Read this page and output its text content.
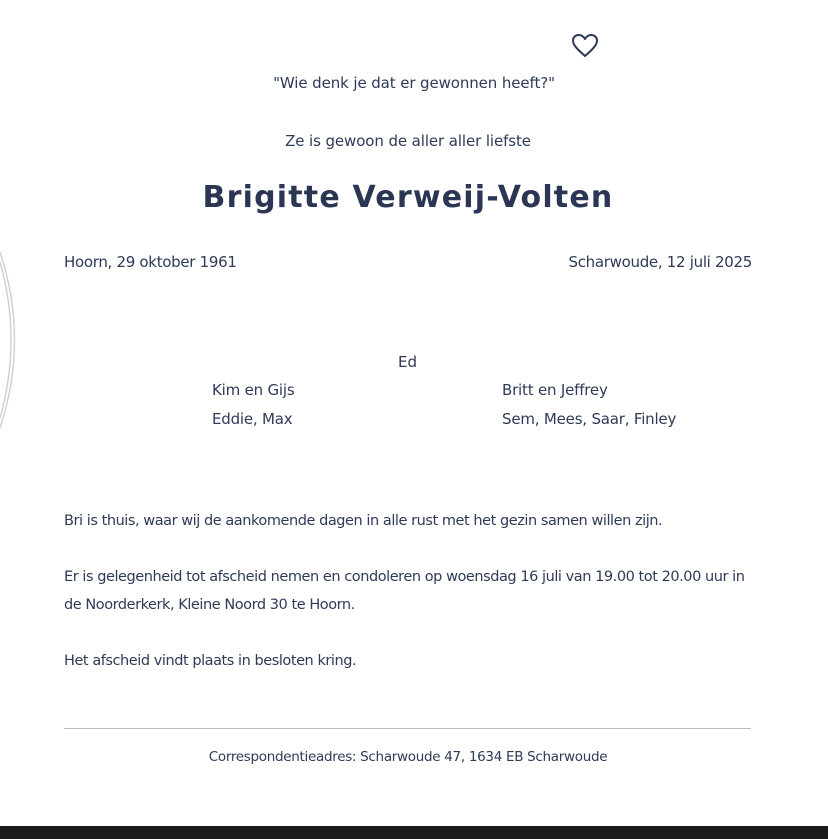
"Wie denk je dat er gewonnen heeft?"
Ze is gewoon de aller aller liefste
Brigitte Verweij-Volten
Hoorn, 29 oktober 1961	Scharwoude, 12 juli 2025
Ed
Kim en Gijs
Eddie, Max
Britt en Jeffrey
Sem, Mees, Saar, Finley
Bri is thuis, waar wij de aankomende dagen in alle rust met het gezin samen willen zijn.
Er is gelegenheid tot afscheid nemen en condoleren op woensdag 16 juli van 19.00 tot 20.00 uur in de Noorderkerk, Kleine Noord 30 te Hoorn.
Het afscheid vindt plaats in besloten kring.
Correspondentieadres: Scharwoude 47, 1634 EB Scharwoude
